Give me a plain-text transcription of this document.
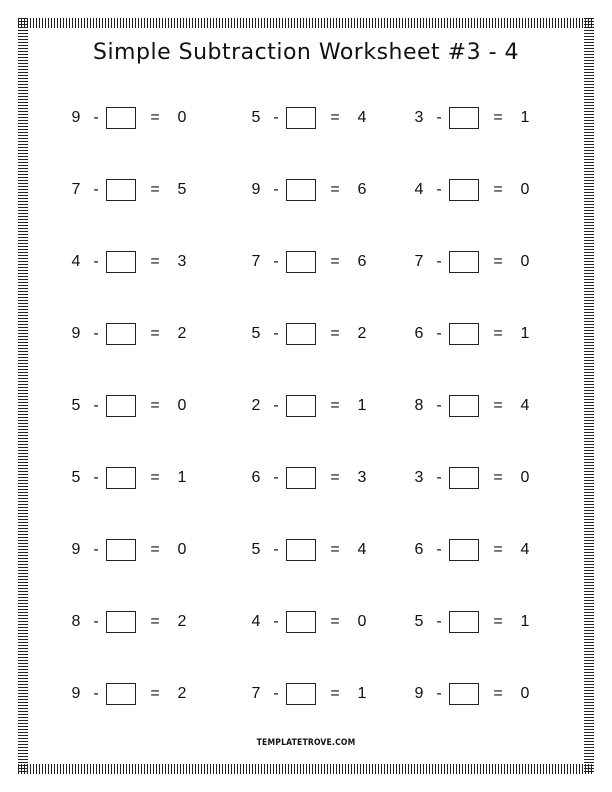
Simple Subtraction Worksheet #3 - 4
9 -	=	0	5 -	=	4	3 -	=	1
7 -	=	5	9 -	=	6	4 -	=	0
4 -	=	3	7 -	=	6	7 -	=	0
9 -	=	2	5 -	=	2	6 -	=	1
5 -	=	0	2 -	=	1	8 -	=	4
5 -	=	1	6 -	=	3	3 -	=	0
9 -	=	0	5 -	=	4	6 -	=	4
8 -	=	2	4 -	=	0	5 -	=	1
9 -	=	2	7 -	=	1	9 -	=	0
TEMPLATETROVE.COM
